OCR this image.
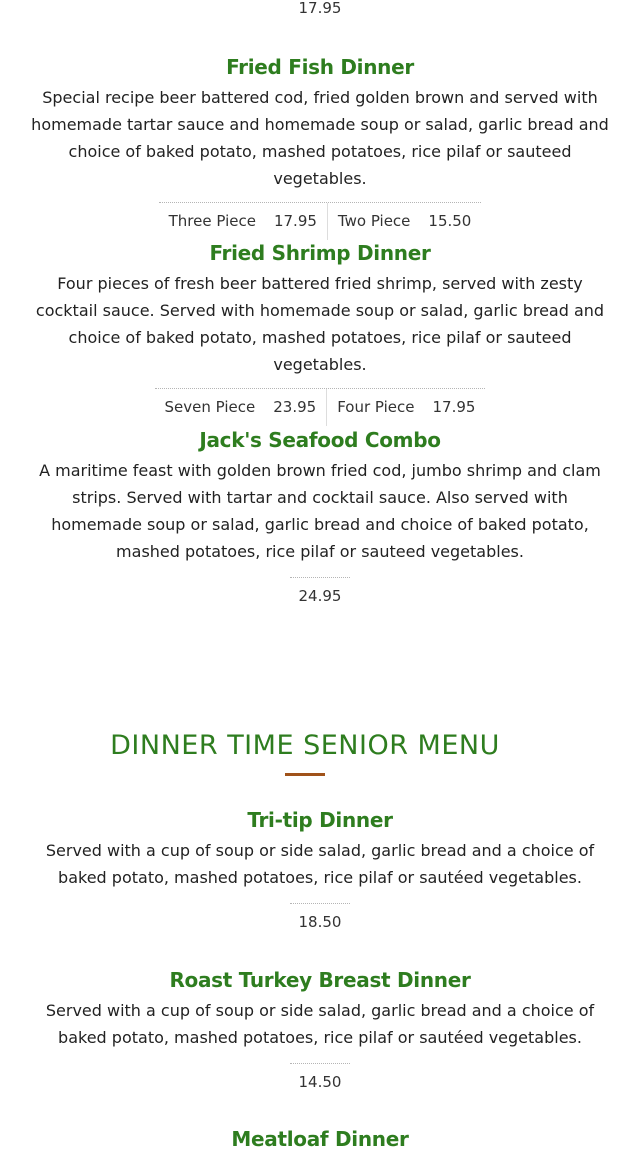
17.95
Fried Fish Dinner

Special recipe beer battered cod, fried golden brown and served with homemade tartar sauce and homemade soup or salad, garlic bread and choice of baked potato, mashed potatoes, rice pilaf or sauteed vegetables.

Three Piece 17.95	Two Piece 15.50
Fried Shrimp Dinner

Four pieces of fresh beer battered fried shrimp, served with zesty cocktail sauce. Served with homemade soup or salad, garlic bread and choice of baked potato, mashed potatoes, rice pilaf or sauteed vegetables.

Seven Piece 23.95	Four Piece 17.95
Jack's Seafood Combo

A maritime feast with golden brown fried cod, jumbo shrimp and clam strips. Served with tartar and cocktail sauce. Also served with homemade soup or salad, garlic bread and choice of baked potato, mashed potatoes, rice pilaf or sauteed vegetables.

24.95
DINNER TIME SENIOR MENU
Tri-tip Dinner

Served with a cup of soup or side salad, garlic bread and a choice of baked potato, mashed potatoes, rice pilaf or sautéed vegetables.

18.50
Roast Turkey Breast Dinner

Served with a cup of soup or side salad, garlic bread and a choice of baked potato, mashed potatoes, rice pilaf or sautéed vegetables.

14.50
Meatloaf Dinner
